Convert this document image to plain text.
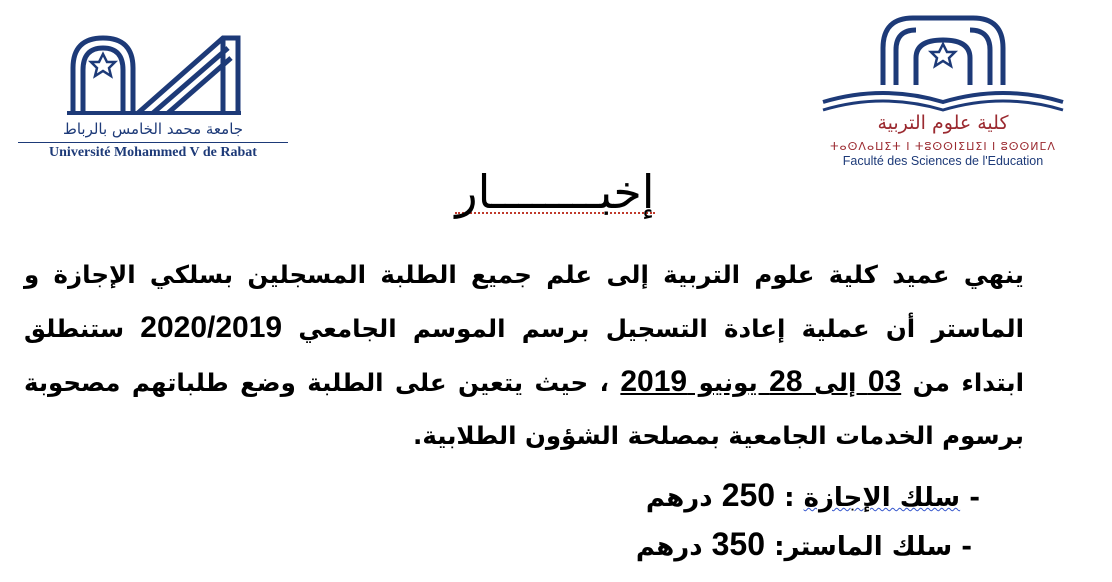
جامعة محمد الخامس بالرباط
Université Mohammed V de Rabat
كلية علوم التربية
ⵜⴰⵙⴷⴰⵡⵉⵜ ⵏ ⵜⵓⵙⵙⵏⵉⵡⵉⵏ ⵏ ⵓⵙⵙⵍⵎⴷ
Faculté des Sciences de l'Education
إخبــــــــار
ينهي عميد كلية علوم التربية إلى علم جميع الطلبة المسجلين بسلكي الإجازة و الماستر أن عملية إعادة التسجيل برسم الموسم الجامعي 2020/2019 ستنطلق ابتداء من 03 إلى 28 يونيو 2019 ، حيث يتعين على الطلبة وضع طلباتهم مصحوبة برسوم الخدمات الجامعية بمصلحة الشؤون الطلابية.
- سلك الإجازة : 250 درهم
- سلك الماستر: 350 درهم
